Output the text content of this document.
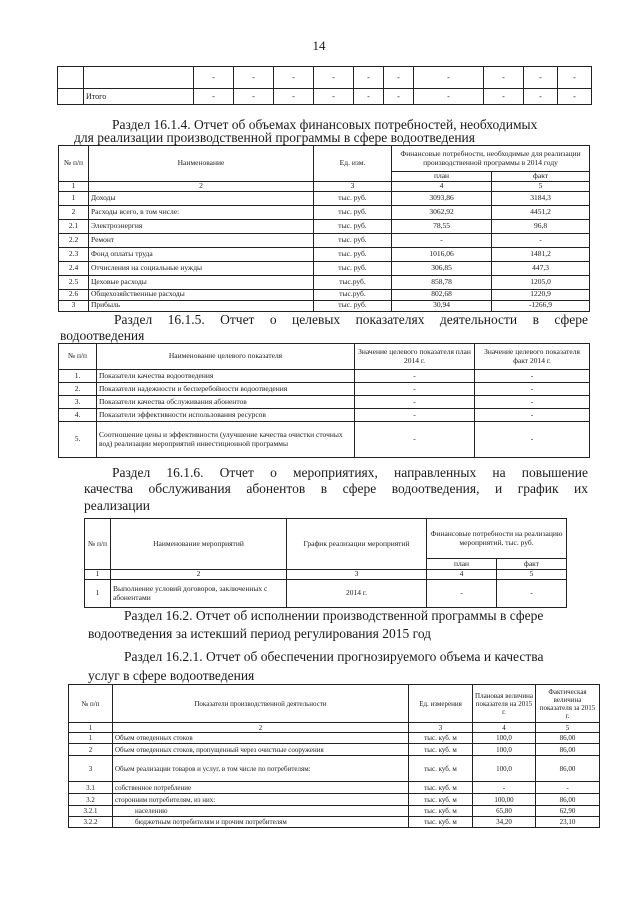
14
		-	-	-	-	-	-	-	-	-	-
	Итого	-	-	-	-	-	-	-	-	-	-
Раздел 16.1.4. Отчет об объемах финансовых потребностей, необходимых
для реализации производственной программы в сфере водоотведения
№ п/п	Наименование	Ед. изм.	Финансовые потребности, необходимые для реализации производственной программы в 2014 году	
			план	факт
1	2	3	4	5
1	Доходы	тыс. руб.	3093,86	3184,3
2	Расходы всего, в том числе:	тыс. руб.	3062,92	4451,2
2.1	Электроэнергия	тыс. руб.	78,55	96,8
2.2	Ремонт	тыс. руб.	-	-
2.3	Фонд оплаты труда	тыс. руб.	1016,06	1481,2
2.4	Отчисления на социальные нужды	тыс. руб.	306,85	447,3
2.5	Цеховые расходы	тыс.руб.	858,78	1205,0
2.6	Общехозяйственные расходы	тыс.руб.	802,68	1220,9
3	Прибыль	тыс. руб.	30,94	-1266,9
Раздел 16.1.5. Отчет о целевых показателях деятельности в сфере
водоотведения
№ п/п	Наименование целевого показателя	Значение целевого показателя план 2014 г.	Значение целевого показателя факт 2014 г.
1.	Показатели качества водоотведения	-	-
2.	Показатели надежности и бесперебойности водоотведения	-	-
3.	Показатели качества обслуживания абонентов	-	-
4.	Показатели эффективности использования ресурсов	-	-
5.	Соотношение цены и эффективности (улучшение качества очистки сточных вод) реализации мероприятий инвестиционной программы	-	-
Раздел 16.1.6. Отчет о мероприятиях, направленных на повышение
качества обслуживания абонентов в сфере водоотведения, и график их
реализации
№ п/п	Наименование мероприятий	График реализации мероприятий	Финансовые потребности на реализацию мероприятий, тыс. руб.	
			план	факт
1	2	3	4	5
1	Выполнение условий договоров, заключенных с абонентами	2014 г.	-	-
Раздел 16.2. Отчет об исполнении производственной программы в сфере
водоотведения за истекший период регулирования 2015 год
Раздел 16.2.1. Отчет об обеспечении прогнозируемого объема и качества
услуг в сфере водоотведения
№ п/п	Показатели производственной деятельности	Ед. измерения	Плановая величина показателя на 2015 г.	Фактическая величина показателя за 2015 г.
1	2	3	4	5
1	Объем отведенных стоков	тыс. куб. м	100,0	86,00
2	Объем отведенных стоков, пропущенный через очистные сооружения	тыс. куб. м	100,0	86,00
3	Объем реализации товаров и услуг, в том числе по потребителям:	тыс. куб. м	100,0	86,00
3.1	собственное потребление	тыс. куб. м	-	-
3.2	сторонним потребителям, из них:	тыс. куб. м	100,00	86,00
3.2.1	населению	тыс. куб. м	65,80	62,90
3.2.2	бюджетным потребителям и прочим потребителям	тыс. куб. м	34,20	23,10
